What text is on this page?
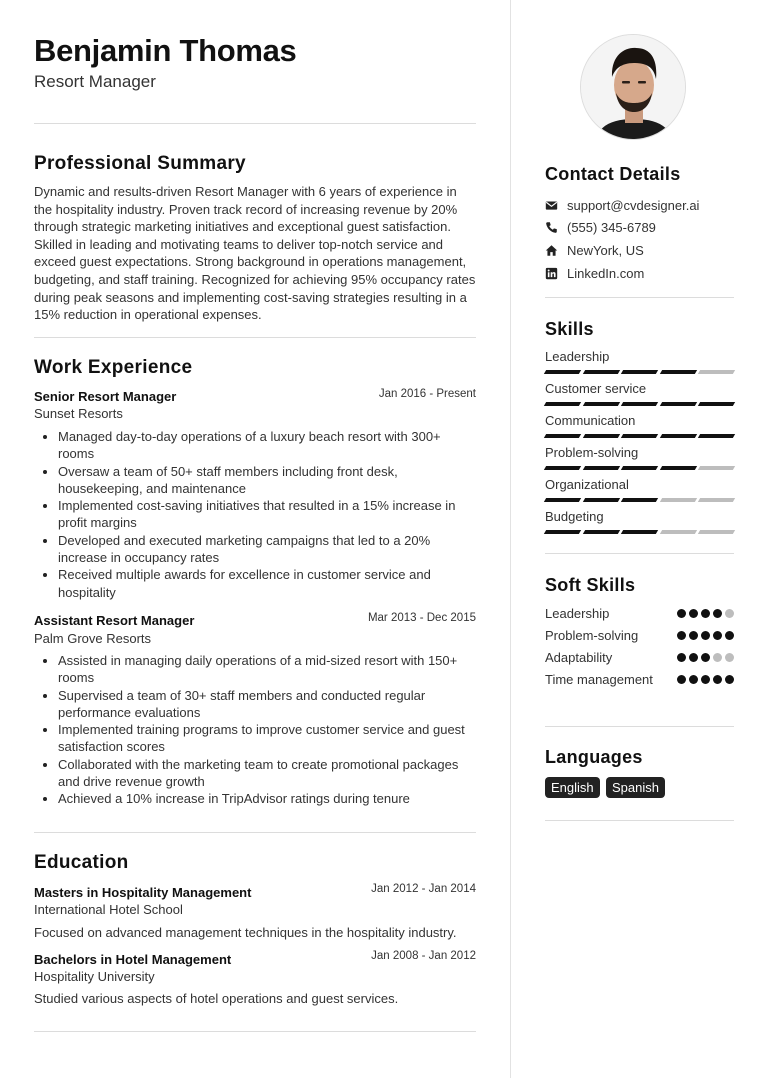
Benjamin Thomas
Resort Manager
Professional Summary
Dynamic and results-driven Resort Manager with 6 years of experience in the hospitality industry. Proven track record of increasing revenue by 20% through strategic marketing initiatives and exceptional guest satisfaction. Skilled in leading and motivating teams to deliver top-notch service and exceed guest expectations. Strong background in operations management, budgeting, and staff training. Recognized for achieving 95% occupancy rates during peak seasons and implementing cost-saving strategies resulting in a 15% reduction in operational expenses.
Work Experience
Senior Resort Manager	Jan 2016 - Present
Sunset Resorts
Managed day-to-day operations of a luxury beach resort with 300+ rooms
Oversaw a team of 50+ staff members including front desk, housekeeping, and maintenance
Implemented cost-saving initiatives that resulted in a 15% increase in profit margins
Developed and executed marketing campaigns that led to a 20% increase in occupancy rates
Received multiple awards for excellence in customer service and hospitality
Assistant Resort Manager	Mar 2013 - Dec 2015
Palm Grove Resorts
Assisted in managing daily operations of a mid-sized resort with 150+ rooms
Supervised a team of 30+ staff members and conducted regular performance evaluations
Implemented training programs to improve customer service and guest satisfaction scores
Collaborated with the marketing team to create promotional packages and drive revenue growth
Achieved a 10% increase in TripAdvisor ratings during tenure
Education
Masters in Hospitality Management	Jan 2012 - Jan 2014
International Hotel School
Focused on advanced management techniques in the hospitality industry.
Bachelors in Hotel Management	Jan 2008 - Jan 2012
Hospitality University
Studied various aspects of hotel operations and guest services.
Contact Details
support@cvdesigner.ai
(555) 345-6789
NewYork, US
LinkedIn.com
Skills
Leadership
Customer service
Communication
Problem-solving
Organizational
Budgeting
Soft Skills
Leadership
Problem-solving
Adaptability
Time management
Languages
English	Spanish
